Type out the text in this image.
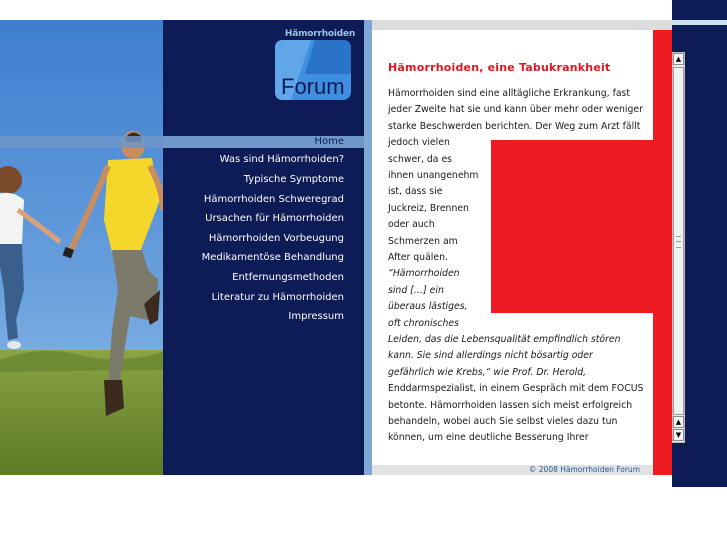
Hämorrhoiden
Forum
Home
Was sind Hämorrhoiden?
Typische Symptome
Hämorrhoiden Schweregrad
Ursachen für Hämorrhoiden
Hämorrhoiden Vorbeugung
Medikamentöse Behandlung
Entfernungsmethoden
Literatur zu Hämorrhoiden
Impressum
Hämorrhoiden, eine Tabukrankheit
Hämorrhoiden sind eine alltägliche Erkrankung, fast
jeder Zweite hat sie und kann über mehr oder weniger
starke Beschwerden berichten. Der Weg zum Arzt fällt
jedoch vielen
schwer, da es
ihnen unangenehm
ist, dass sie
Juckreiz, Brennen
oder auch
Schmerzen am
After quälen.
“Hämorrhoiden
sind […] ein
überaus lästiges,
oft chronisches
Leiden, das die Lebensqualität empfindlich stören
kann. Sie sind allerdings nicht bösartig oder
gefährlich wie Krebs,“ wie Prof. Dr. Herold,
Enddarmspezialist, in einem Gespräch mit dem FOCUS
betonte. Hämorrhoiden lassen sich meist erfolgreich
behandeln, wobei auch Sie selbst vieles dazu tun
können, um eine deutliche Besserung Ihrer
© 2008 Hämorrhoiden Forum
▲
▲
▼
